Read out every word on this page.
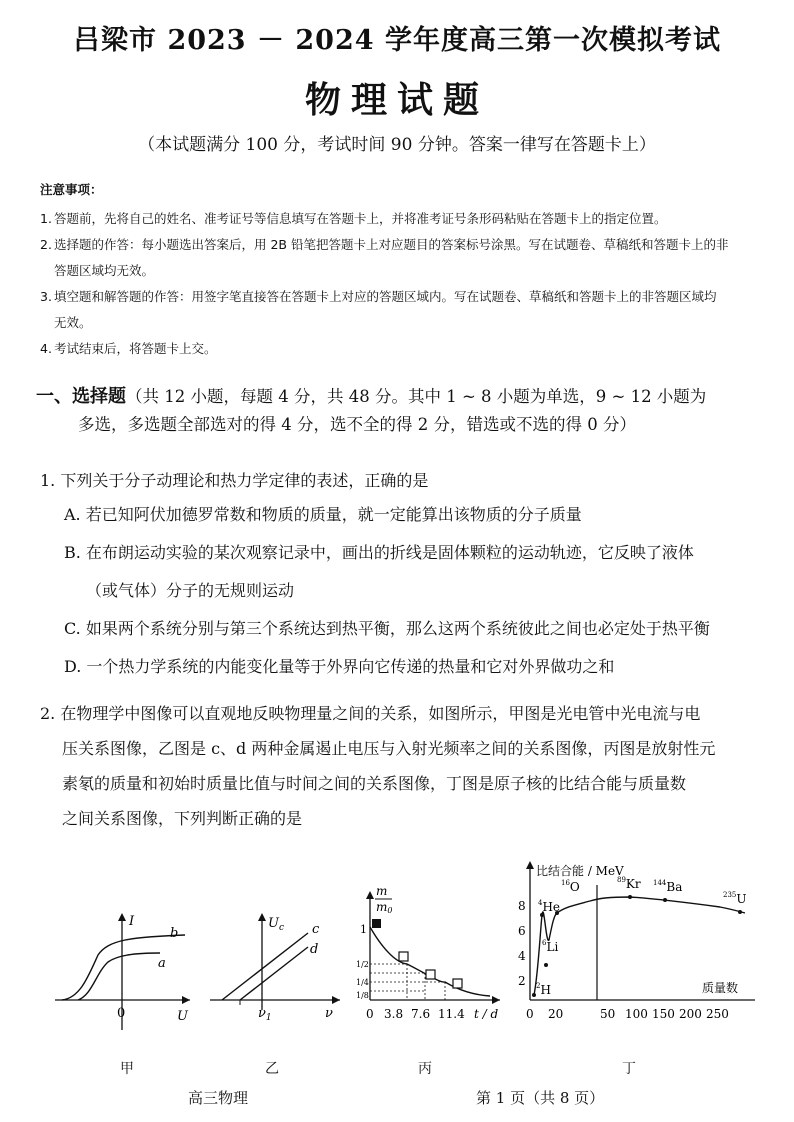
吕梁市 2023 － 2024 学年度高三第一次模拟考试
物理试题
（本试题满分 100 分，考试时间 90 分钟。答案一律写在答题卡上）
注意事项：
1. 答题前，先将自己的姓名、准考证号等信息填写在答题卡上，并将准考证号条形码粘贴在答题卡上的指定位置。
2. 选择题的作答：每小题选出答案后，用 2B 铅笔把答题卡上对应题目的答案标号涂黑。写在试题卷、草稿纸和答题卡上的非
答题区域均无效。
3. 填空题和解答题的作答：用签字笔直接答在答题卡上对应的答题区域内。写在试题卷、草稿纸和答题卡上的非答题区域均
无效。
4. 考试结束后，将答题卡上交。
一、选择题（共 12 小题，每题 4 分，共 48 分。其中 1 ~ 8 小题为单选，9 ~ 12 小题为
多选，多选题全部选对的得 4 分，选不全的得 2 分，错选或不选的得 0 分）
1. 下列关于分子动理论和热力学定律的表述，正确的是
A. 若已知阿伏加德罗常数和物质的质量，就一定能算出该物质的分子质量
B. 在布朗运动实验的某次观察记录中，画出的折线是固体颗粒的运动轨迹，它反映了液体
（或气体）分子的无规则运动
C. 如果两个系统分别与第三个系统达到热平衡，那么这两个系统彼此之间也必定处于热平衡
D. 一个热力学系统的内能变化量等于外界向它传递的热量和它对外界做功之和
2. 在物理学中图像可以直观地反映物理量之间的关系，如图所示，甲图是光电管中光电流与电
压关系图像，乙图是 c、d 两种金属遏止电压与入射光频率之间的关系图像，丙图是放射性元
素氡的质量和初始时质量比值与时间之间的关系图像，丁图是原子核的比结合能与质量数
之间关系图像，下列判断正确的是
I
U
0
b
a
$U_c$ c
d
$\nu_1$	ν
m
m0
1
1/2
1/4
1/8
0 3.8 7.6 11.4 t / d
比结合能 / MeV
8
6
4
2
0 20	50 100 150 200 250
质量数
$^4$He
$^{16}$O	$^{89}$Kr $^{144}$Ba
$^{235}$U
$^6$Li
$^2$H
甲	乙	丙	丁
高三物理	第 1 页（共 8 页）
